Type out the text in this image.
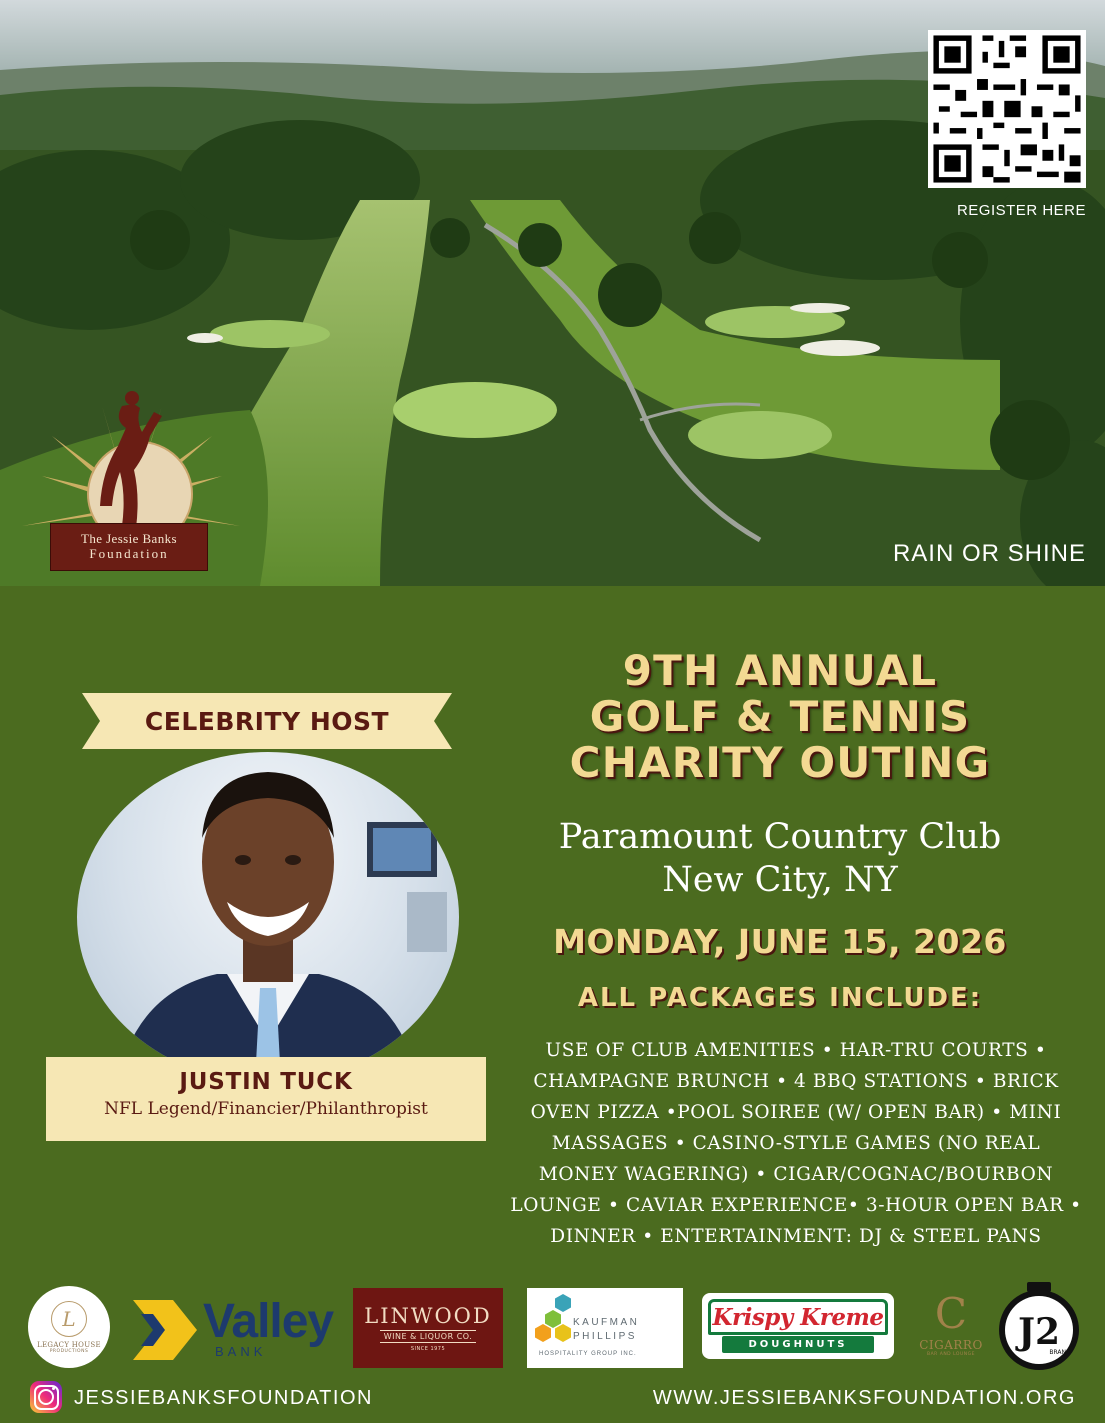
REGISTER HERE
RAIN OR SHINE
The Jessie Banks
Foundation
CELEBRITY HOST
JUSTIN TUCK
NFL Legend/Financier/Philanthropist
9TH ANNUAL
GOLF & TENNIS
CHARITY OUTING
Paramount Country Club
New City, NY
MONDAY, JUNE 15, 2026
ALL PACKAGES INCLUDE:
USE OF CLUB AMENITIES • HAR-TRU COURTS •
CHAMPAGNE BRUNCH • 4 BBQ STATIONS • BRICK
OVEN PIZZA •POOL SOIREE (W/ OPEN BAR) • MINI
MASSAGES • CASINO-STYLE GAMES (NO REAL
MONEY WAGERING) • CIGAR/COGNAC/BOURBON
LOUNGE • CAVIAR EXPERIENCE• 3-HOUR OPEN BAR •
DINNER • ENTERTAINMENT: DJ & STEEL PANS
L
LEGACY HOUSE
PRODUCTIONS
Valley
BANK
LINWOOD
WINE & LIQUOR CO.
SINCE 1975
KAUFMAN
PHILLIPS
HOSPITALITY GROUP INC.
Krispy Kreme
DOUGHNUTS
C
CIGARRO
BAR AND LOUNGE
J2
BRAND
JESSIEBANKSFOUNDATION	WWW.JESSIEBANKSFOUNDATION.ORG
